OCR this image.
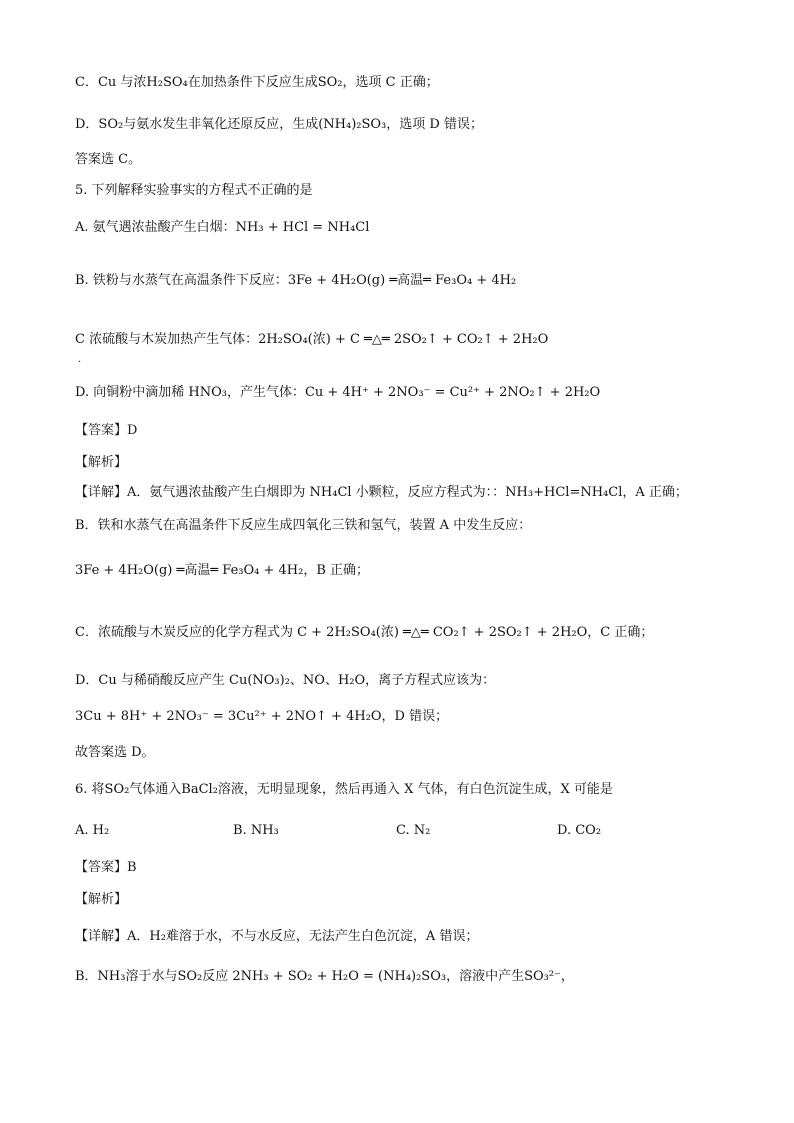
C．Cu 与浓H₂SO₄在加热条件下反应生成SO₂，选项 C 正确；
D．SO₂与氨水发生非氧化还原反应，生成(NH₄)₂SO₃，选项 D 错误；
答案选 C。
5. 下列解释实验事实的方程式不正确的是
A. 氨气遇浓盐酸产生白烟：NH₃ + HCl = NH₄Cl
B. 铁粉与水蒸气在高温条件下反应：3Fe + 4H₂O(g) ═高温═ Fe₃O₄ + 4H₂
C 浓硫酸与木炭加热产生气体：2H₂SO₄(浓) + C ═△═ 2SO₂↑ + CO₂↑ + 2H₂O
·
D. 向铜粉中滴加稀 HNO₃，产生气体：Cu + 4H⁺ + 2NO₃⁻ = Cu²⁺ + 2NO₂↑ + 2H₂O
【答案】D
【解析】
【详解】A．氨气遇浓盐酸产生白烟即为 NH₄Cl 小颗粒，反应方程式为：：NH₃+HCl=NH₄Cl，A 正确；
B．铁和水蒸气在高温条件下反应生成四氧化三铁和氢气，装置 A 中发生反应：
3Fe + 4H₂O(g) ═高温═ Fe₃O₄ + 4H₂，B 正确；
C．浓硫酸与木炭反应的化学方程式为 C + 2H₂SO₄(浓) ═△═ CO₂↑ + 2SO₂↑ + 2H₂O，C 正确；
D．Cu 与稀硝酸反应产生 Cu(NO₃)₂、NO、H₂O，离子方程式应该为：
3Cu + 8H⁺ + 2NO₃⁻ = 3Cu²⁺ + 2NO↑ + 4H₂O，D 错误；
故答案选 D。
6. 将SO₂气体通入BaCl₂溶液，无明显现象，然后再通入 X 气体，有白色沉淀生成，X 可能是
A. H₂	B. NH₃	C. N₂	D. CO₂
【答案】B
【解析】
【详解】A．H₂难溶于水，不与水反应，无法产生白色沉淀，A 错误；
B．NH₃溶于水与SO₂反应 2NH₃ + SO₂ + H₂O = (NH₄)₂SO₃，溶液中产生SO₃²⁻，
